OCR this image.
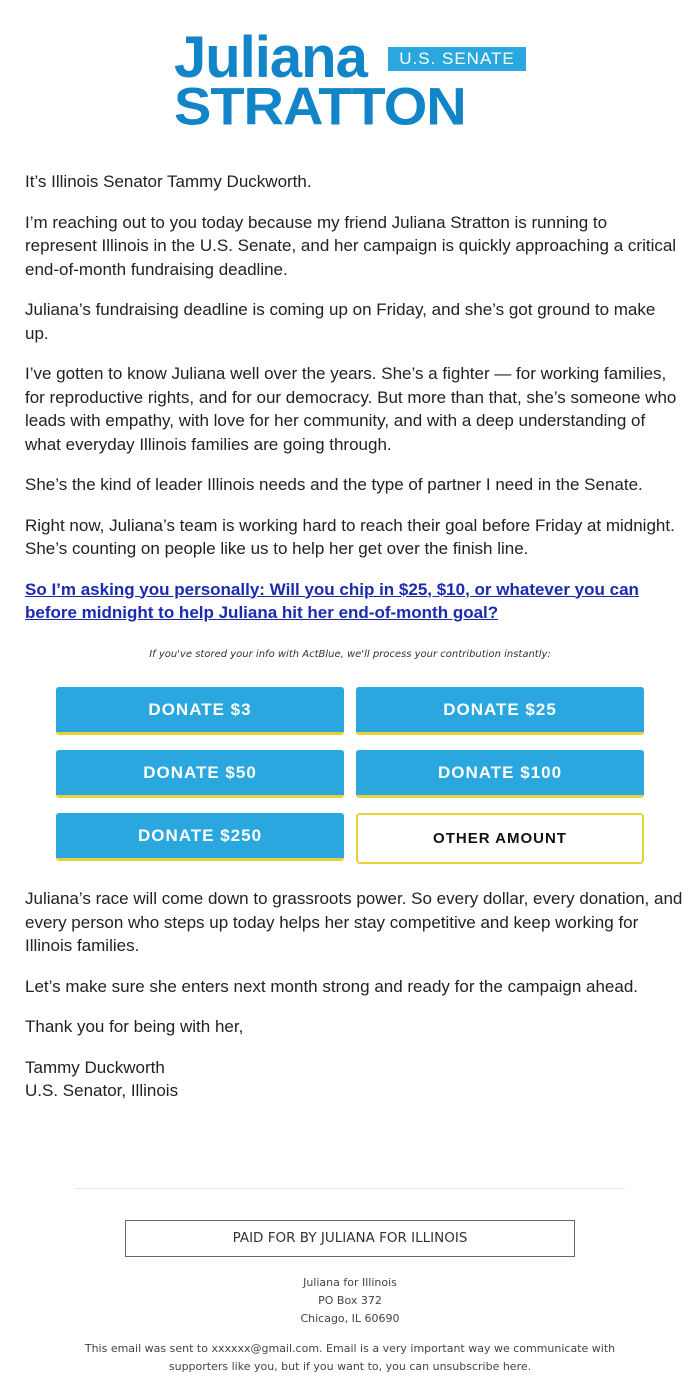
Juliana	U.S. SENATE
STRATTON

It’s Illinois Senator Tammy Duckworth.

I’m reaching out to you today because my friend Juliana Stratton is running to represent Illinois in the U.S. Senate, and her campaign is quickly approaching a critical end-of-month fundraising deadline.

Juliana’s fundraising deadline is coming up on Friday, and she’s got ground to make up.

I’ve gotten to know Juliana well over the years. She’s a fighter — for working families, for reproductive rights, and for our democracy. But more than that, she’s someone who leads with empathy, with love for her community, and with a deep understanding of what everyday Illinois families are going through.

She’s the kind of leader Illinois needs and the type of partner I need in the Senate.

Right now, Juliana’s team is working hard to reach their goal before Friday at midnight. She’s counting on people like us to help her get over the finish line.

So I’m asking you personally: Will you chip in $25, $10, or whatever you can before midnight to help Juliana hit her end-of-month goal?

If you've stored your info with ActBlue, we'll process your contribution instantly:
DONATE $3	DONATE $25
DONATE $50	DONATE $100
DONATE $250	OTHER AMOUNT

Juliana’s race will come down to grassroots power. So every dollar, every donation, and every person who steps up today helps her stay competitive and keep working for Illinois families.

Let’s make sure she enters next month strong and ready for the campaign ahead.

Thank you for being with her,

Tammy Duckworth
U.S. Senator, Illinois

PAID FOR BY JULIANA FOR ILLINOIS
Juliana for Illinois
PO Box 372
Chicago, IL 60690
This email was sent to xxxxxx@gmail.com. Email is a very important way we communicate with supporters like you, but if you want to, you can unsubscribe here.
